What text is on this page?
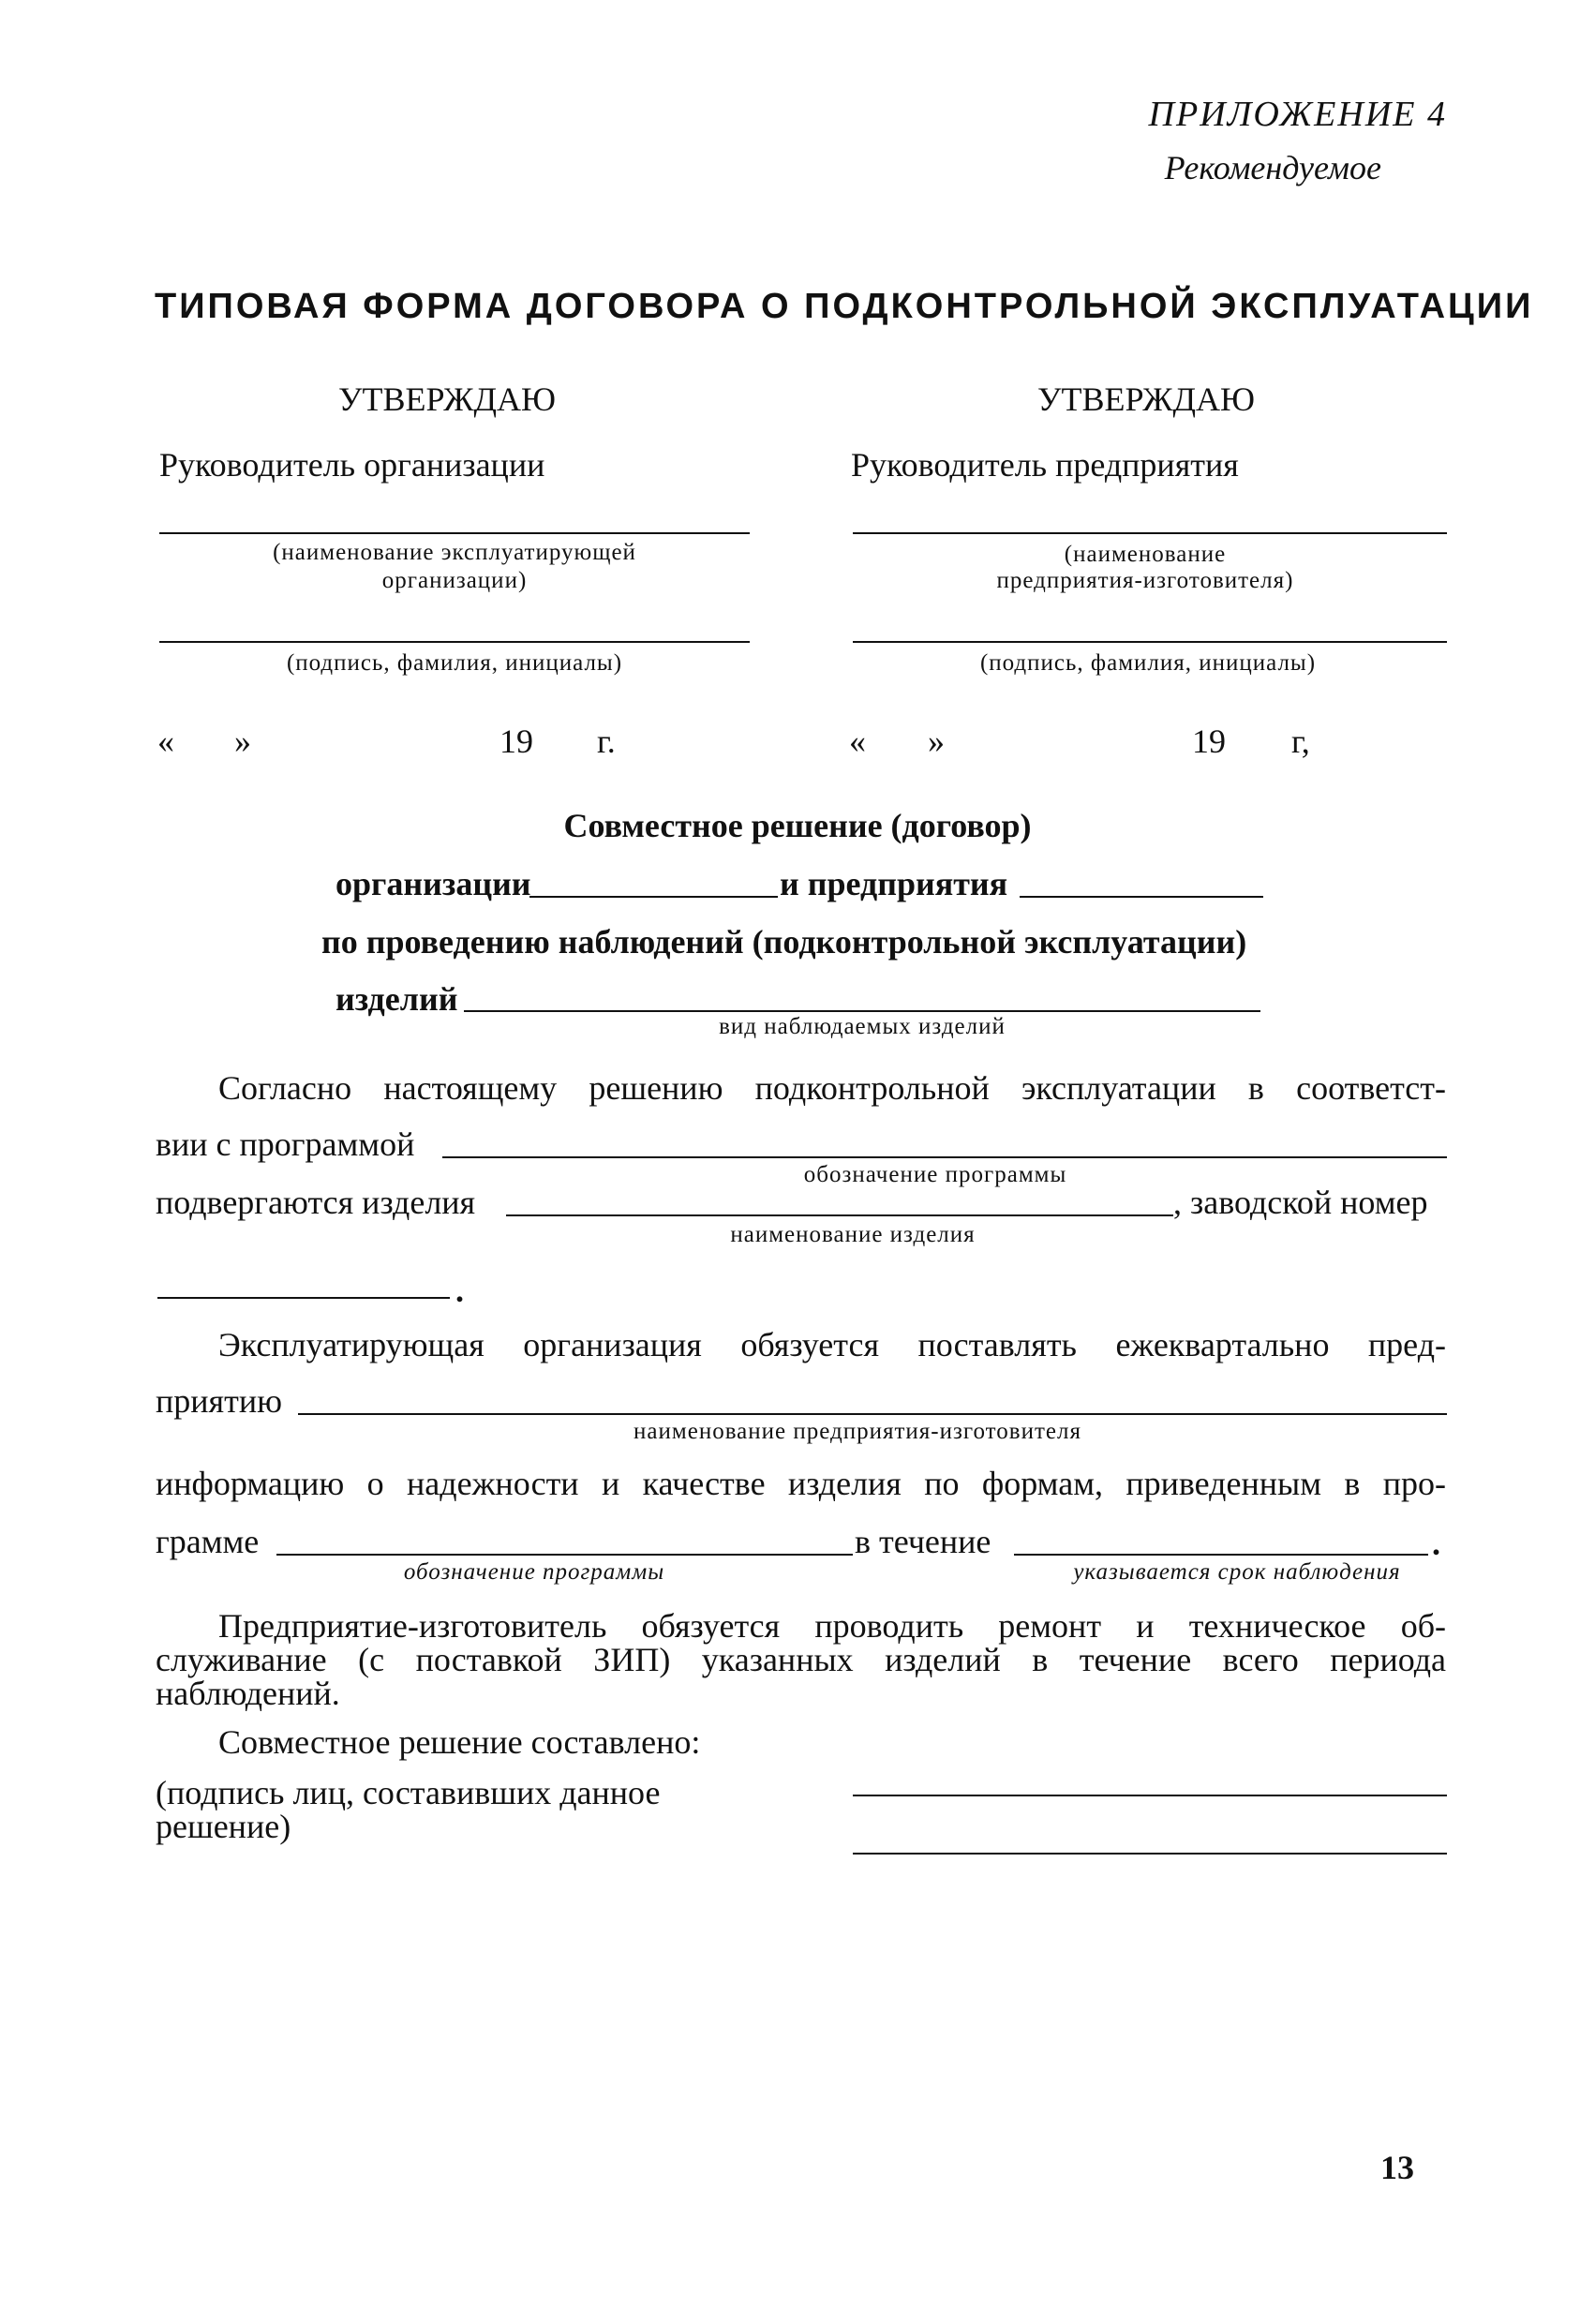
ПРИЛОЖЕНИЕ 4
Рекомендуемое
ТИПОВАЯ ФОРМА ДОГОВОРА О ПОДКОНТРОЛЬНОЙ ЭКСПЛУАТАЦИИ
УТВЕРЖДАЮ
Руководитель организации
(наименование эксплуатирующей
организации)
(подпись, фамилия, инициалы)
« »	19 г.
УТВЕРЖДАЮ
Руководитель предприятия
(наименование
предприятия-изготовителя)
(подпись, фамилия, инициалы)
« »	19 г,
Совместное решение (договор)
организации	и предприятия
по проведению наблюдений (подконтрольной эксплуатации)
изделий
вид наблюдаемых изделий
Согласно настоящему решению подконтрольной эксплуатации в соответст-
вии с программой
обозначение программы
подвергаются изделия	, заводской номер
наименование изделия
.
Эксплуатирующая организация обязуется поставлять ежеквартально пред-
приятию
наименование предприятия-изготовителя
информацию о надежности и качестве изделия по формам, приведенным в про-
грамме
обозначение программы
в течение	.
указывается срок наблюдения
Предприятие-изготовитель обязуется проводить ремонт и техническое об-
служивание (с поставкой ЗИП) указанных изделий в течение всего периода
наблюдений.
Совместное решение составлено:
(подпись лиц, составивших данное
решение)
13
